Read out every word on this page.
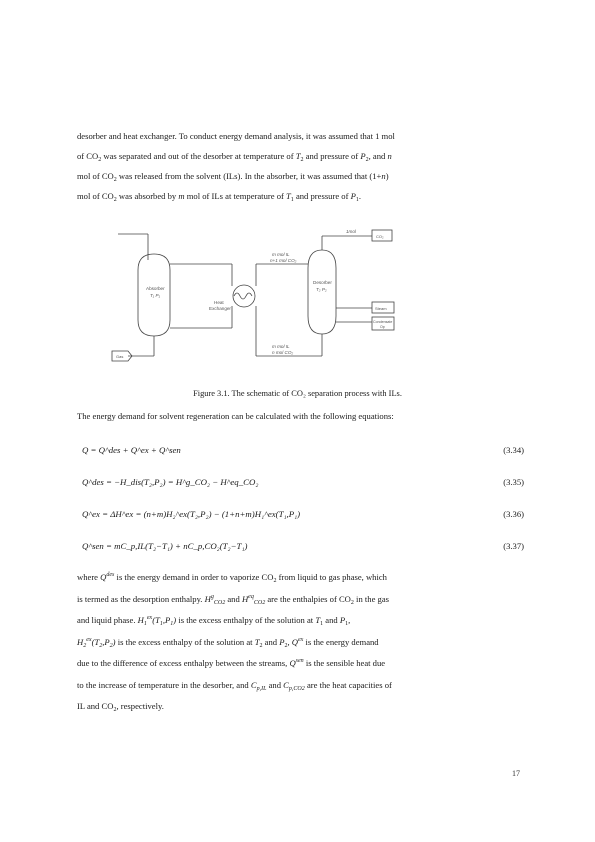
desorber and heat exchanger. To conduct energy demand analysis, it was assumed that 1 mol

of $CO_2$ was separated and out of the desorber at temperature of $T_2$ and pressure of $P_2$, and n

mol of $CO_2$ was released from the solvent (ILs). In the absorber, it was assumed that (1+n)

mol of $CO_2$ was absorbed by m mol of ILs at temperature of $T_1$ and pressure of $P_1$.

Absorber
T₁ P₁
Desorber
T₂ P₂
Heat
Exchanger
m mol IL
n+1 mol CO₂
m mol IL
n mol CO₂
1mol
CO₂
Steam
Condensate
Op
Gas
Figure 3.1. The schematic of CO₂ separation process with ILs.
The energy demand for solvent regeneration can be calculated with the following equations:
Q = Q^des + Q^ex + Q^sen	(3.34)
Q^des = −H_dis(T₂,P₂) = H^g_CO₂ − H^eq_CO₂	(3.35)
Q^ex = ΔH^ex = (n+m)H₂^ex(T₂,P₂) − (1+n+m)H₁^ex(T₁,P₁)	(3.36)
Q^sen = mC_p,IL(T₂−T₁) + nC_p,CO₂(T₂−T₁)	(3.37)

where $Q^{des}$ is the energy demand in order to vaporize $CO_2$ from liquid to gas phase, which

is termed as the desorption enthalpy. $H^g_{CO2}$ and $H^{eq}_{CO2}$ are the enthalpies of $CO_2$ in the gas

and liquid phase. $H_1^{ex}(T_1,P_1)$ is the excess enthalpy of the solution at $T_1$ and $P_1$,

$H_2^{ex}(T_2,P_2)$ is the excess enthalpy of the solution at $T_2$ and $P_2$, $Q^{ex}$ is the energy demand

due to the difference of excess enthalpy between the streams, $Q^{sen}$ is the sensible heat due

to the increase of temperature in the desorber, and $C_{p,IL}$ and $C_{p,CO2}$ are the heat capacities of

IL and $CO_2$, respectively.

17
